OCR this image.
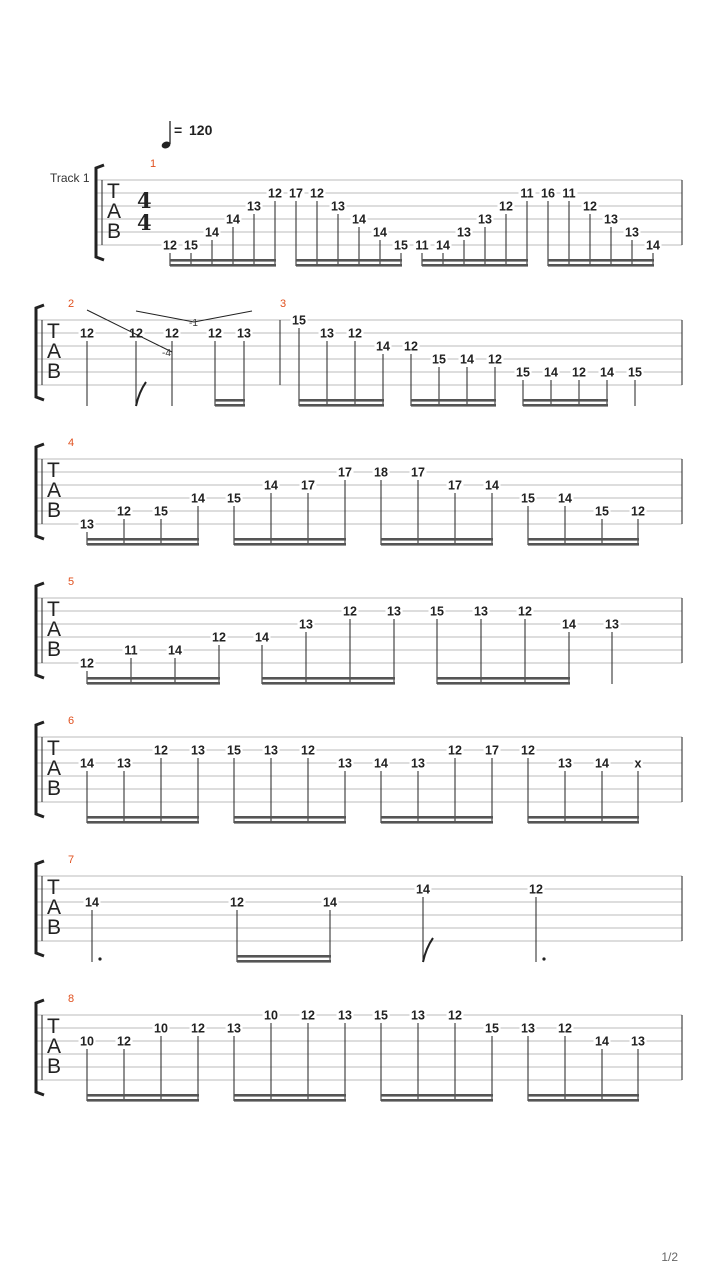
= 120
Track 1
T
A
B
4
4
1
12 15
14
14
13
12 17 12
13
14
14
15 11 14
13
13
12
11 16 11
12
13
13
14
T
A
B
2
12	12 12 12 13
3
15
13 12
14 12
15 14 12
15 14 12 14 15
-1
-4
T
A
B
4
13
12 15
14 15
14 17
17 18 17
17 14
15 14
15 12
T
A
B
5
12
11 14
12 14
13
12 13 15 13 12
14 13
T
A
B
6
14 13
12 13 15 13 12
13 14 13
12 17 12
13 14 x
T
A
B
7
14	12	14
14	12
T
A
B
8
10 12
10 12 13
10 12 13 15 13 12
15 13 12
14 13
1/2
